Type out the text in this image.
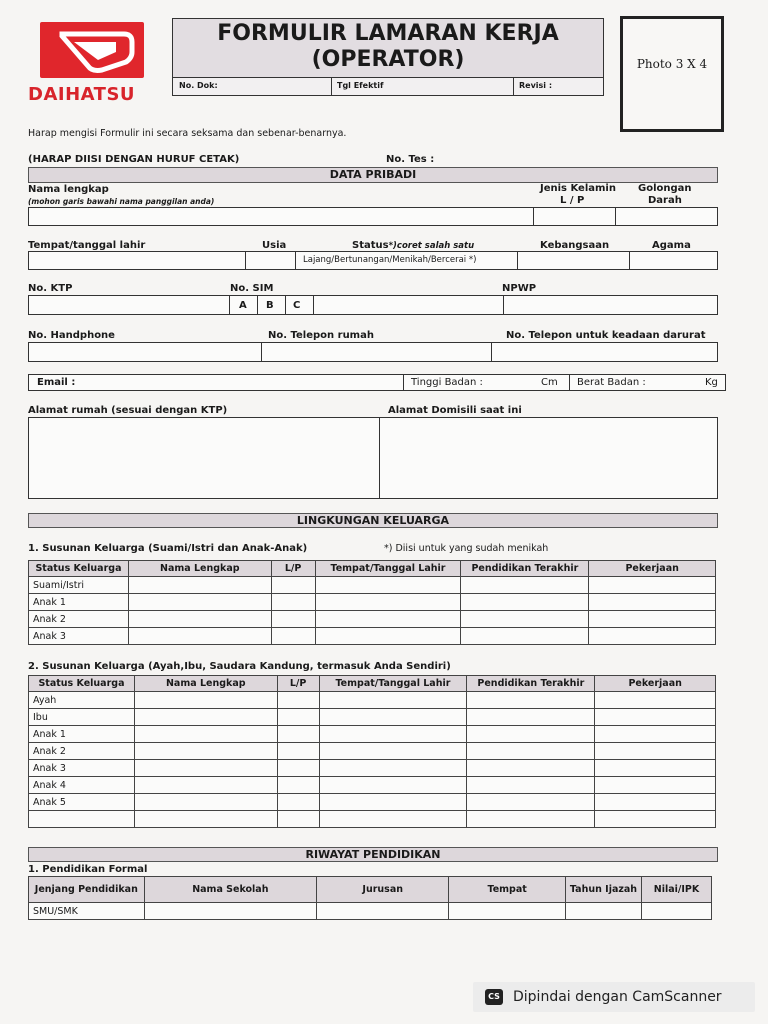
DAIHATSU
FORMULIR LAMARAN KERJA
(OPERATOR)
No. Dok:	Tgl Efektif	Revisi :
Photo 3 X 4
Harap mengisi Formulir ini secara seksama dan sebenar-benarnya.
(HARAP DIISI DENGAN HURUF CETAK)	No. Tes :
DATA PRIBADI
Nama lengkap
(mohon garis bawahi nama panggilan anda)
Jenis Kelamin
L / P
Golongan
Darah
Tempat/tanggal lahir	Usia	Status*)coret salah satu	Kebangsaan	Agama
Lajang/Bertunangan/Menikah/Bercerai *)
No. KTP	No. SIM	NPWP
A B C
No. Handphone	No. Telepon rumah	No. Telepon untuk keadaan darurat
Email :	Tinggi Badan :	Cm Berat Badan :	Kg
Alamat rumah (sesuai dengan KTP)	Alamat Domisili saat ini
LINGKUNGAN KELUARGA
1. Susunan Keluarga (Suami/Istri dan Anak-Anak)	*) Diisi untuk yang sudah menikah
Status Keluarga	Nama Lengkap	L/P	Tempat/Tanggal Lahir	Pendidikan Terakhir	Pekerjaan
Suami/Istri					
Anak 1					
Anak 2					
Anak 3					
2. Susunan Keluarga (Ayah,Ibu, Saudara Kandung, termasuk Anda Sendiri)
Status Keluarga	Nama Lengkap	L/P	Tempat/Tanggal Lahir	Pendidikan Terakhir	Pekerjaan
Ayah					
Ibu					
Anak 1					
Anak 2					
Anak 3					
Anak 4					
Anak 5					

RIWAYAT PENDIDIKAN
1. Pendidikan Formal
Jenjang Pendidikan	Nama Sekolah	Jurusan	Tempat	Tahun Ijazah	Nilai/IPK
SMU/SMK					
CS Dipindai dengan CamScanner
